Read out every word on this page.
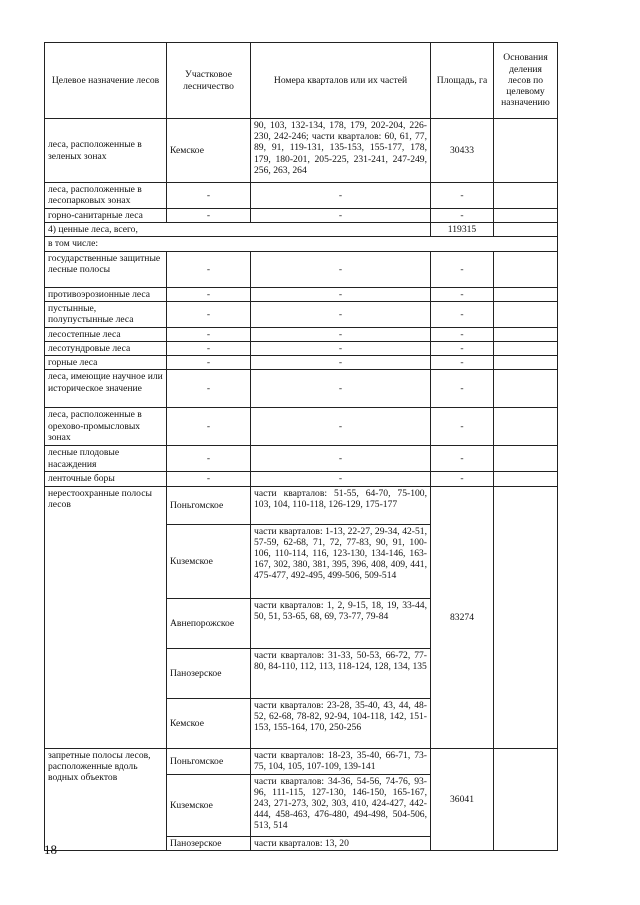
Целевое назначение лесов	Участковое лесничество	Номера кварталов или их частей	Площадь, га	Основания деления лесов по целевому назначению
леса, расположенные в зеленых зонах	Кемское	90, 103, 132-134, 178, 179, 202-204, 226-230, 242-246; части кварталов: 60, 61, 77, 89, 91, 119-131, 135-153, 155-177, 178, 179, 180-201, 205-225, 231-241, 247-249, 256, 263, 264	30433	
леса, расположенные в лесопарковых зонах	-	-	-	
горно-санитарные леса	-	-	-	
4) ценные леса, всего,			119315	
в том числе:				
государственные защитные лесные полосы	-	-	-	
противоэрозионные леса	-	-	-	
пустынные, полупустынные леса	-	-	-	
лесостепные леса	-	-	-	
лесотундровые леса	-	-	-	
горные леса	-	-	-	
леса, имеющие научное или историческое значение	-	-	-	
леса, расположенные в орехово-промысловых зонах	-	-	-	
лесные плодовые насаждения	-	-	-	
ленточные боры	-	-	-	
нерестоохранные полосы лесов	Поньгомское	части кварталов: 51-55, 64-70, 75-100, 103, 104, 110-118, 126-129, 175-177	83274	
	Кuземское	части кварталов: 1-13, 22-27, 29-34, 42-51, 57-59, 62-68, 71, 72, 77-83, 90, 91, 100-106, 110-114, 116, 123-130, 134-146, 163-167, 302, 380, 381, 395, 396, 408, 409, 441, 475-477, 492-495, 499-506, 509-514		
	Авнепорожское	части кварталов: 1, 2, 9-15, 18, 19, 33-44, 50, 51, 53-65, 68, 69, 73-77, 79-84		
	Панозерское	части кварталов: 31-33, 50-53, 66-72, 77-80, 84-110, 112, 113, 118-124, 128, 134, 135		
	Кемское	части кварталов: 23-28, 35-40, 43, 44, 48-52, 62-68, 78-82, 92-94, 104-118, 142, 151-153, 155-164, 170, 250-256		
запретные полосы лесов, расположенные вдоль водных объектов	Поньгомское	части кварталов: 18-23, 35-40, 66-71, 73-75, 104, 105, 107-109, 139-141	36041	
	Кuземское	части кварталов: 34-36, 54-56, 74-76, 93-96, 111-115, 127-130, 146-150, 165-167, 243, 271-273, 302, 303, 410, 424-427, 442-444, 458-463, 476-480, 494-498, 504-506, 513, 514		
	Панозерское	части кварталов: 13, 20		
18
